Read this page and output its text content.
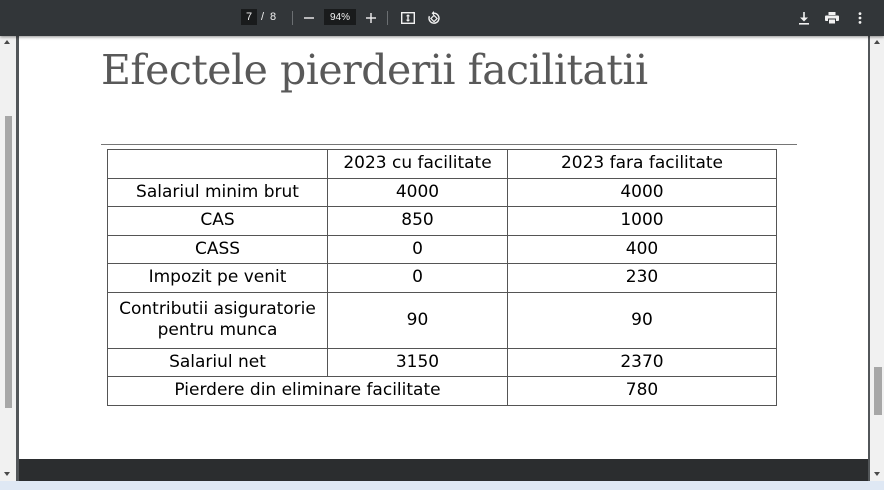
7 / 8	94%
Efectele pierderii facilitatii
	2023 cu facilitate	2023 fara facilitate
Salariul minim brut	4000	4000
CAS	850	1000
CASS	0	400
Impozit pe venit	0	230
Contributii asiguratorie pentru munca	90	90
Salariul net	3150	2370
Pierdere din eliminare facilitate		780
